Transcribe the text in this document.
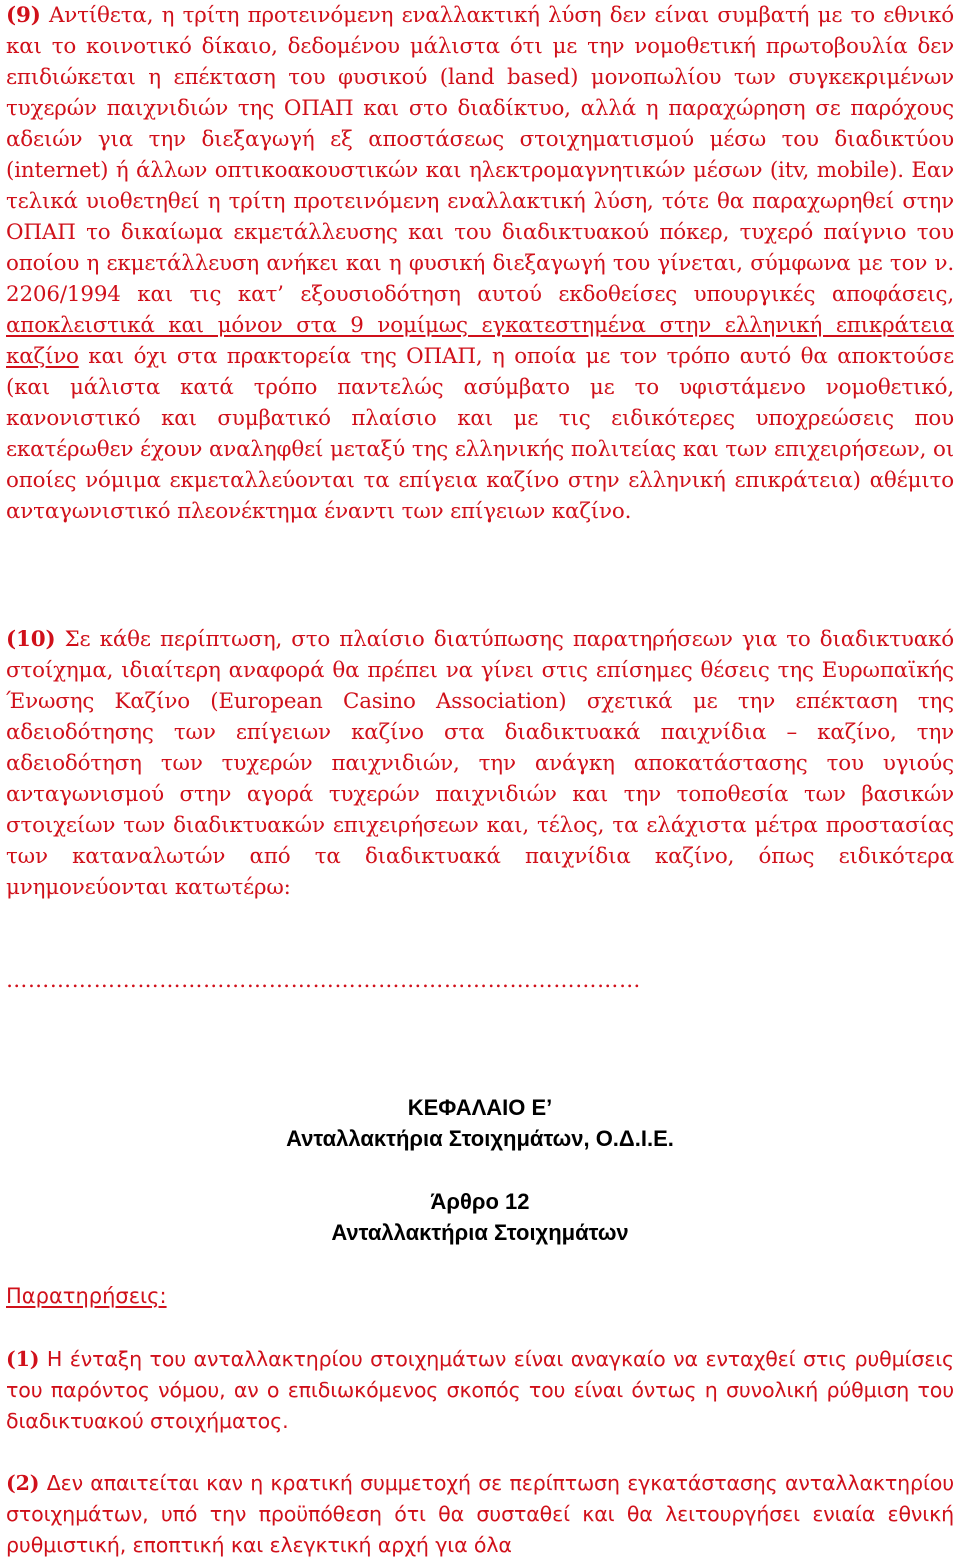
(9) Αντίθετα, η τρίτη προτεινόμενη εναλλακτική λύση δεν είναι συμβατή με το εθνικό και το κοινοτικό δίκαιο, δεδομένου μάλιστα ότι με την νομοθετική πρωτοβουλία δεν επιδιώκεται η επέκταση του φυσικού (land based) μονοπωλίου των συγκεκριμένων τυχερών παιχνιδιών της ΟΠΑΠ και στο διαδίκτυο, αλλά η παραχώρηση σε παρόχους αδειών για την διεξαγωγή εξ αποστάσεως στοιχηματισμού μέσω του διαδικτύου (internet) ή άλλων οπτικοακουστικών και ηλεκτρομαγνητικών μέσων (itv, mobile). Εαν τελικά υιοθετηθεί η τρίτη προτεινόμενη εναλλακτική λύση, τότε θα παραχωρηθεί στην ΟΠΑΠ το δικαίωμα εκμετάλλευσης και του διαδικτυακού πόκερ, τυχερό παίγνιο του οποίου η εκμετάλλευση ανήκει και η φυσική διεξαγωγή του γίνεται, σύμφωνα με τον ν. 2206/1994 και τις κατ’ εξουσιοδότηση αυτού εκδοθείσες υπουργικές αποφάσεις, αποκλειστικά και μόνον στα 9 νομίμως εγκατεστημένα στην ελληνική επικράτεια καζίνο και όχι στα πρακτορεία της ΟΠΑΠ, η οποία με τον τρόπο αυτό θα αποκτούσε (και μάλιστα κατά τρόπο παντελώς ασύμβατο με το υφιστάμενο νομοθετικό, κανονιστικό και συμβατικό πλαίσιο και με τις ειδικότερες υποχρεώσεις που εκατέρωθεν έχουν αναληφθεί μεταξύ της ελληνικής πολιτείας και των επιχειρήσεων, οι οποίες νόμιμα εκμεταλλεύονται τα επίγεια καζίνο στην ελληνική επικράτεια) αθέμιτο ανταγωνιστικό πλεονέκτημα έναντι των επίγειων καζίνο.

(10) Σε κάθε περίπτωση, στο πλαίσιο διατύπωσης παρατηρήσεων για το διαδικτυακό στοίχημα, ιδιαίτερη αναφορά θα πρέπει να γίνει στις επίσημες θέσεις της Ευρωπαϊκής Ένωσης Καζίνο (European Casino Association) σχετικά με την επέκταση της αδειοδότησης των επίγειων καζίνο στα διαδικτυακά παιχνίδια – καζίνο, την αδειοδότηση των τυχερών παιχνιδιών, την ανάγκη αποκατάστασης του υγιούς ανταγωνισμού στην αγορά τυχερών παιχνιδιών και την τοποθεσία των βασικών στοιχείων των διαδικτυακών επιχειρήσεων και, τέλος, τα ελάχιστα μέτρα προστασίας των καταναλωτών από τα διαδικτυακά παιχνίδια καζίνο, όπως ειδικότερα μνημονεύονται κατωτέρω:

……………………………………………………………………………
ΚΕΦΑΛΑΙΟ Ε’
Ανταλλακτήρια Στοιχημάτων, Ο.Δ.Ι.Ε.
Άρθρο 12
Ανταλλακτήρια Στοιχημάτων
Παρατηρήσεις:

(1) Η ένταξη του ανταλλακτηρίου στοιχημάτων είναι αναγκαίο να ενταχθεί στις ρυθμίσεις του παρόντος νόμου, αν ο επιδιωκόμενος σκοπός του είναι όντως η συνολική ρύθμιση του διαδικτυακού στοιχήματος.

(2) Δεν απαιτείται καν η κρατική συμμετοχή σε περίπτωση εγκατάστασης ανταλλακτηρίου στοιχημάτων, υπό την προϋπόθεση ότι θα συσταθεί και θα λειτουργήσει ενιαία εθνική ρυθμιστική, εποπτική και ελεγκτική αρχή για όλα
